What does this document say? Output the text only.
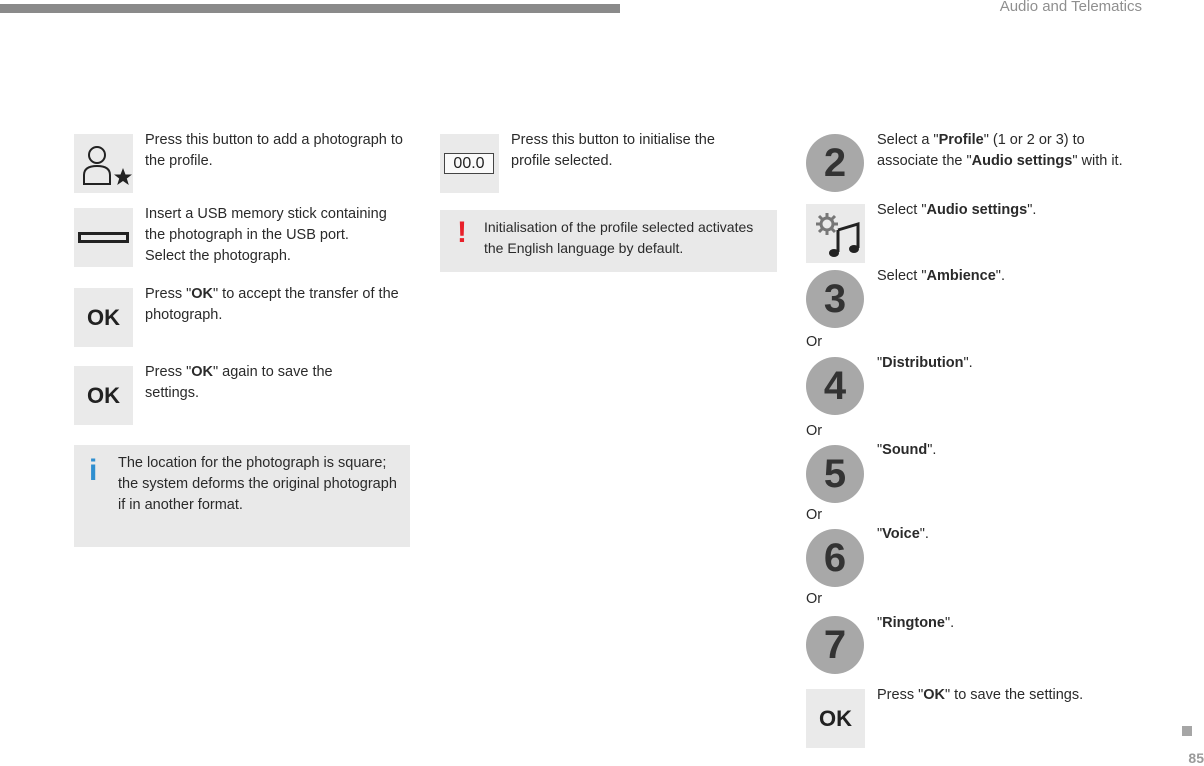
Audio and Telematics
Press this button to add a photograph to the profile.
Insert a USB memory stick containing
the photograph in the USB port.
Select the photograph.
OK
Press "OK" to accept the transfer of the photograph.
OK
Press "OK" again to save the settings.
i The location for the photograph is square; the system deforms the original photograph if in another format.
00.0
Press this button to initialise the profile selected.
! Initialisation of the profile selected activates the English language by default.
2
Select a "Profile" (1 or 2 or 3) to associate the "Audio settings" with it.
Select "Audio settings".
3
Select "Ambience".
Or
4
"Distribution".
Or
5
"Sound".
Or
6
"Voice".
Or
7	"Ringtone".
OK
Press "OK" to save the settings.
85
